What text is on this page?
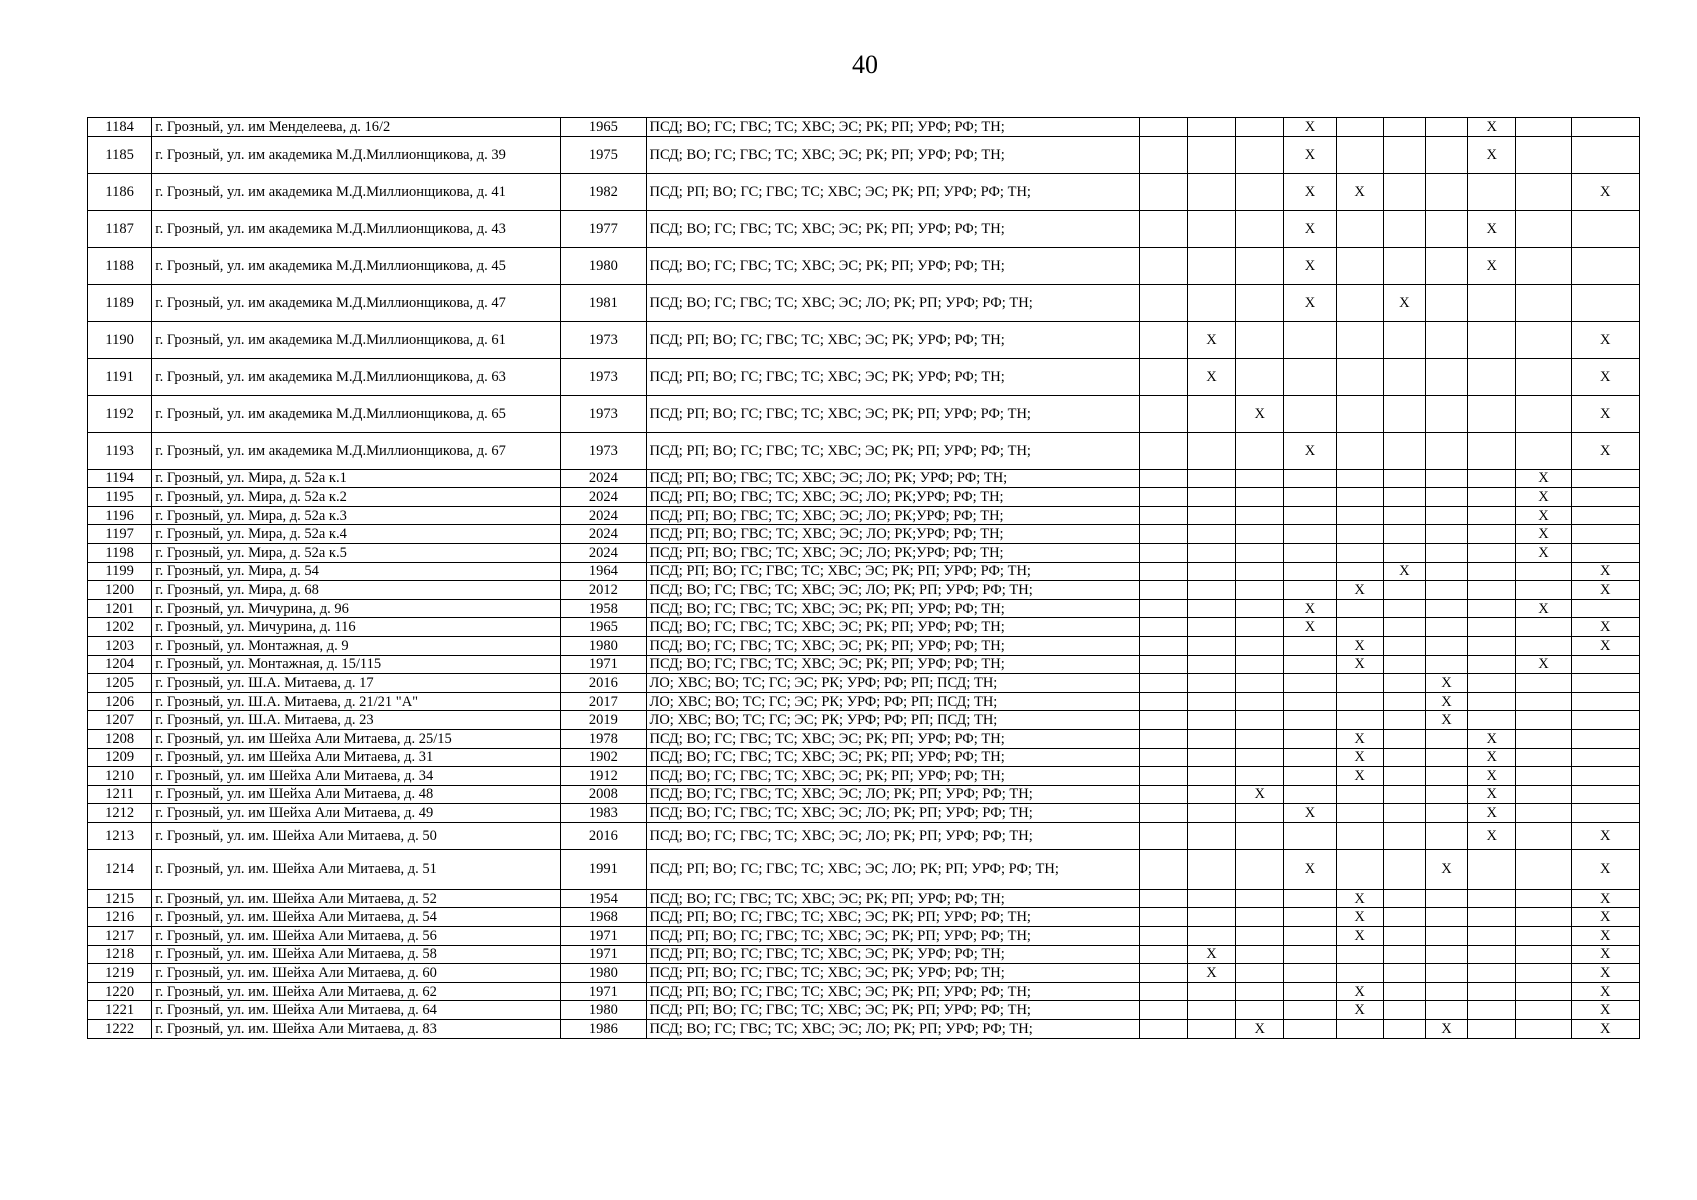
40
1184	г. Грозный, ул. им Менделеева, д. 16/2	1965	ПСД; ВО; ГС; ГВС; ТС; ХВС; ЭС; РК; РП; УРФ; РФ; ТН;				X				X		
1185	г. Грозный, ул. им академика М.Д.Миллионщикова, д. 39	1975	ПСД; ВО; ГС; ГВС; ТС; ХВС; ЭС; РК; РП; УРФ; РФ; ТН;				X				X		
1186	г. Грозный, ул. им академика М.Д.Миллионщикова, д. 41	1982	ПСД; РП; ВО; ГС; ГВС; ТС; ХВС; ЭС; РК; РП; УРФ; РФ; ТН;				X	X					X
1187	г. Грозный, ул. им академика М.Д.Миллионщикова, д. 43	1977	ПСД; ВО; ГС; ГВС; ТС; ХВС; ЭС; РК; РП; УРФ; РФ; ТН;				X				X		
1188	г. Грозный, ул. им академика М.Д.Миллионщикова, д. 45	1980	ПСД; ВО; ГС; ГВС; ТС; ХВС; ЭС; РК; РП; УРФ; РФ; ТН;				X				X		
1189	г. Грозный, ул. им академика М.Д.Миллионщикова, д. 47	1981	ПСД; ВО; ГС; ГВС; ТС; ХВС; ЭС; ЛО; РК; РП; УРФ; РФ; ТН;				X		X				
1190	г. Грозный, ул. им академика М.Д.Миллионщикова, д. 61	1973	ПСД; РП; ВО; ГС; ГВС; ТС; ХВС; ЭС; РК; УРФ; РФ; ТН;		X								X
1191	г. Грозный, ул. им академика М.Д.Миллионщикова, д. 63	1973	ПСД; РП; ВО; ГС; ГВС; ТС; ХВС; ЭС; РК; УРФ; РФ; ТН;		X								X
1192	г. Грозный, ул. им академика М.Д.Миллионщикова, д. 65	1973	ПСД; РП; ВО; ГС; ГВС; ТС; ХВС; ЭС; РК; РП; УРФ; РФ; ТН;			X							X
1193	г. Грозный, ул. им академика М.Д.Миллионщикова, д. 67	1973	ПСД; РП; ВО; ГС; ГВС; ТС; ХВС; ЭС; РК; РП; УРФ; РФ; ТН;				X						X
1194	г. Грозный, ул. Мира, д. 52а к.1	2024	ПСД; РП; ВО; ГВС; ТС; ХВС; ЭС; ЛО; РК; УРФ; РФ; ТН;									X	
1195	г. Грозный, ул. Мира, д. 52а к.2	2024	ПСД; РП; ВО; ГВС; ТС; ХВС; ЭС; ЛО; РК;УРФ; РФ; ТН;									X	
1196	г. Грозный, ул. Мира, д. 52а к.3	2024	ПСД; РП; ВО; ГВС; ТС; ХВС; ЭС; ЛО; РК;УРФ; РФ; ТН;									X	
1197	г. Грозный, ул. Мира, д. 52а к.4	2024	ПСД; РП; ВО; ГВС; ТС; ХВС; ЭС; ЛО; РК;УРФ; РФ; ТН;									X	
1198	г. Грозный, ул. Мира, д. 52а к.5	2024	ПСД; РП; ВО; ГВС; ТС; ХВС; ЭС; ЛО; РК;УРФ; РФ; ТН;									X	
1199	г. Грозный, ул. Мира, д. 54	1964	ПСД; РП; ВО; ГС; ГВС; ТС; ХВС; ЭС; РК; РП; УРФ; РФ; ТН;						X				X
1200	г. Грозный, ул. Мира, д. 68	2012	ПСД; ВО; ГС; ГВС; ТС; ХВС; ЭС; ЛО; РК; РП; УРФ; РФ; ТН;					X					X
1201	г. Грозный, ул. Мичурина, д. 96	1958	ПСД; ВО; ГС; ГВС; ТС; ХВС; ЭС; РК; РП; УРФ; РФ; ТН;				X					X	
1202	г. Грозный, ул. Мичурина, д. 116	1965	ПСД; ВО; ГС; ГВС; ТС; ХВС; ЭС; РК; РП; УРФ; РФ; ТН;				X						X
1203	г. Грозный, ул. Монтажная, д. 9	1980	ПСД; ВО; ГС; ГВС; ТС; ХВС; ЭС; РК; РП; УРФ; РФ; ТН;					X					X
1204	г. Грозный, ул. Монтажная, д. 15/115	1971	ПСД; ВО; ГС; ГВС; ТС; ХВС; ЭС; РК; РП; УРФ; РФ; ТН;					X				X	
1205	г. Грозный, ул. Ш.А. Митаева, д. 17	2016	ЛО; ХВС; ВО; ТС; ГС; ЭС; РК; УРФ; РФ; РП; ПСД; ТН;							X			
1206	г. Грозный, ул. Ш.А. Митаева, д. 21/21 "А"	2017	ЛО; ХВС; ВО; ТС; ГС; ЭС; РК; УРФ; РФ; РП; ПСД; ТН;							X			
1207	г. Грозный, ул. Ш.А. Митаева, д. 23	2019	ЛО; ХВС; ВО; ТС; ГС; ЭС; РК; УРФ; РФ; РП; ПСД; ТН;							X			
1208	г. Грозный, ул. им Шейха Али Митаева, д. 25/15	1978	ПСД; ВО; ГС; ГВС; ТС; ХВС; ЭС; РК; РП; УРФ; РФ; ТН;					X			X		
1209	г. Грозный, ул. им Шейха Али Митаева, д. 31	1902	ПСД; ВО; ГС; ГВС; ТС; ХВС; ЭС; РК; РП; УРФ; РФ; ТН;					X			X		
1210	г. Грозный, ул. им Шейха Али Митаева, д. 34	1912	ПСД; ВО; ГС; ГВС; ТС; ХВС; ЭС; РК; РП; УРФ; РФ; ТН;					X			X		
1211	г. Грозный, ул. им Шейха Али Митаева, д. 48	2008	ПСД; ВО; ГС; ГВС; ТС; ХВС; ЭС; ЛО; РК; РП; УРФ; РФ; ТН;			X					X		
1212	г. Грозный, ул. им Шейха Али Митаева, д. 49	1983	ПСД; ВО; ГС; ГВС; ТС; ХВС; ЭС; ЛО; РК; РП; УРФ; РФ; ТН;				X				X		
1213	г. Грозный, ул. им. Шейха Али Митаева, д. 50	2016	ПСД; ВО; ГС; ГВС; ТС; ХВС; ЭС; ЛО; РК; РП; УРФ; РФ; ТН;								X		X
1214	г. Грозный, ул. им. Шейха Али Митаева, д. 51	1991	ПСД; РП; ВО; ГС; ГВС; ТС; ХВС; ЭС; ЛО; РК; РП; УРФ; РФ; ТН;				X			X			X
1215	г. Грозный, ул. им. Шейха Али Митаева, д. 52	1954	ПСД; ВО; ГС; ГВС; ТС; ХВС; ЭС; РК; РП; УРФ; РФ; ТН;					X					X
1216	г. Грозный, ул. им. Шейха Али Митаева, д. 54	1968	ПСД; РП; ВО; ГС; ГВС; ТС; ХВС; ЭС; РК; РП; УРФ; РФ; ТН;					X					X
1217	г. Грозный, ул. им. Шейха Али Митаева, д. 56	1971	ПСД; РП; ВО; ГС; ГВС; ТС; ХВС; ЭС; РК; РП; УРФ; РФ; ТН;					X					X
1218	г. Грозный, ул. им. Шейха Али Митаева, д. 58	1971	ПСД; РП; ВО; ГС; ГВС; ТС; ХВС; ЭС; РК; УРФ; РФ; ТН;		X								X
1219	г. Грозный, ул. им. Шейха Али Митаева, д. 60	1980	ПСД; РП; ВО; ГС; ГВС; ТС; ХВС; ЭС; РК; УРФ; РФ; ТН;		X								X
1220	г. Грозный, ул. им. Шейха Али Митаева, д. 62	1971	ПСД; РП; ВО; ГС; ГВС; ТС; ХВС; ЭС; РК; РП; УРФ; РФ; ТН;					X					X
1221	г. Грозный, ул. им. Шейха Али Митаева, д. 64	1980	ПСД; РП; ВО; ГС; ГВС; ТС; ХВС; ЭС; РК; РП; УРФ; РФ; ТН;					X					X
1222	г. Грозный, ул. им. Шейха Али Митаева, д. 83	1986	ПСД; ВО; ГС; ГВС; ТС; ХВС; ЭС; ЛО; РК; РП; УРФ; РФ; ТН;			X				X			X
